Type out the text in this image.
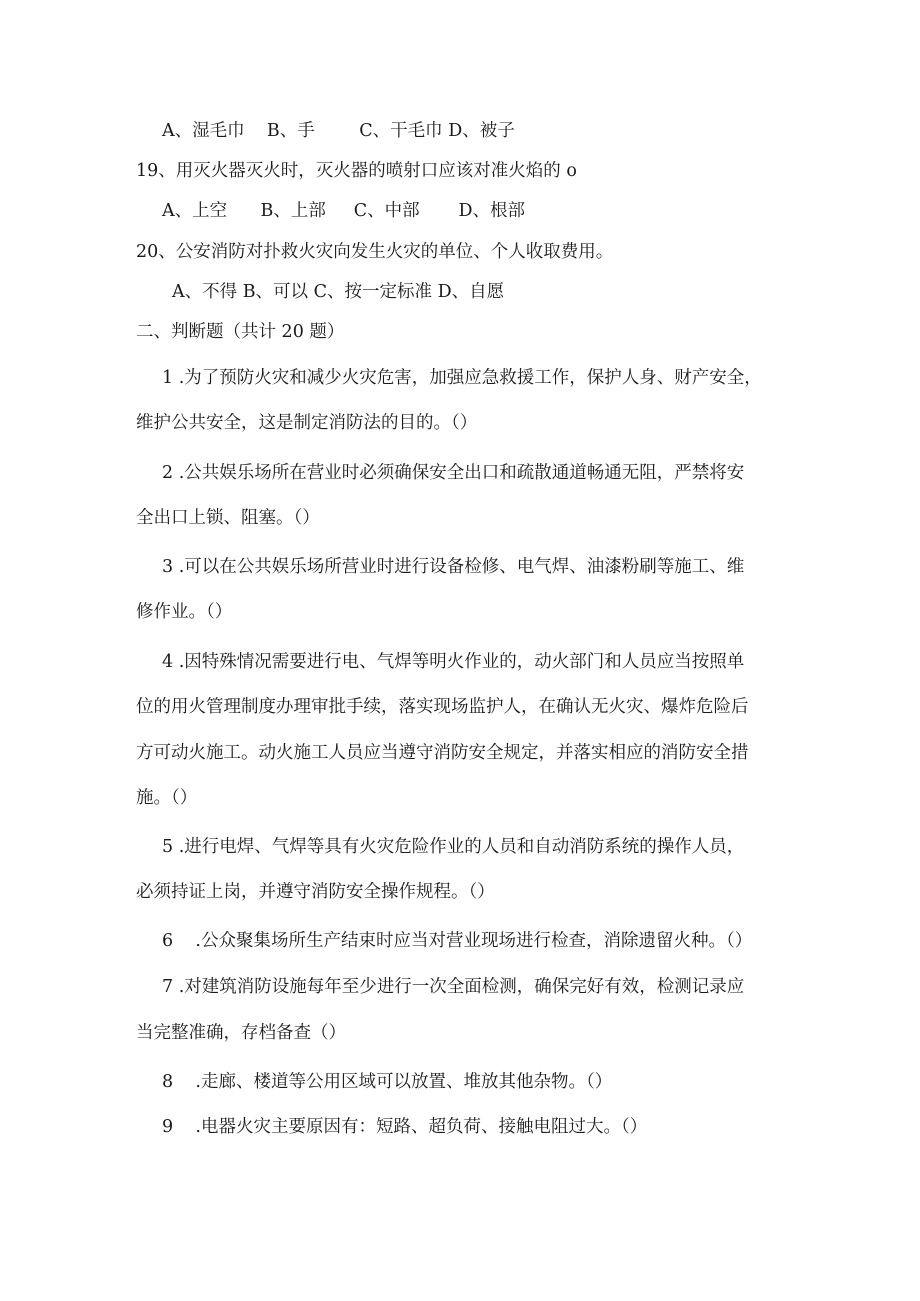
A、湿毛巾    B、手        C、干毛巾 D、被子
19、用灭火器灭火时，灭火器的喷射口应该对准火焰的 o
A、上空      B、上部     C、中部       D、根部
20、公安消防对扑救火灾向发生火灾的单位、个人收取费用。
A、不得 B、可以 C、按一定标准 D、自愿
二、判断题（共计 20 题）
1 .为了预防火灾和减少火灾危害，加强应急救援工作，保护人身、财产安全，
维护公共安全，这是制定消防法的目的。（）
2 .公共娱乐场所在营业时必须确保安全出口和疏散通道畅通无阻，严禁将安
全出口上锁、阻塞。（）
3 .可以在公共娱乐场所营业时进行设备检修、电气焊、油漆粉刷等施工、维
修作业。（）
4 .因特殊情况需要进行电、气焊等明火作业的，动火部门和人员应当按照单
位的用火管理制度办理审批手续，落实现场监护人，在确认无火灾、爆炸危险后
方可动火施工。动火施工人员应当遵守消防安全规定，并落实相应的消防安全措
施。（）
5 .进行电焊、气焊等具有火灾危险作业的人员和自动消防系统的操作人员，
必须持证上岗，并遵守消防安全操作规程。（）
6    .公众聚集场所生产结束时应当对营业现场进行检查，消除遗留火种。（）
7 .对建筑消防设施每年至少进行一次全面检测，确保完好有效，检测记录应
当完整准确，存档备查（）
8    .走廊、楼道等公用区域可以放置、堆放其他杂物。（）
9    .电器火灾主要原因有：短路、超负荷、接触电阻过大。（）
